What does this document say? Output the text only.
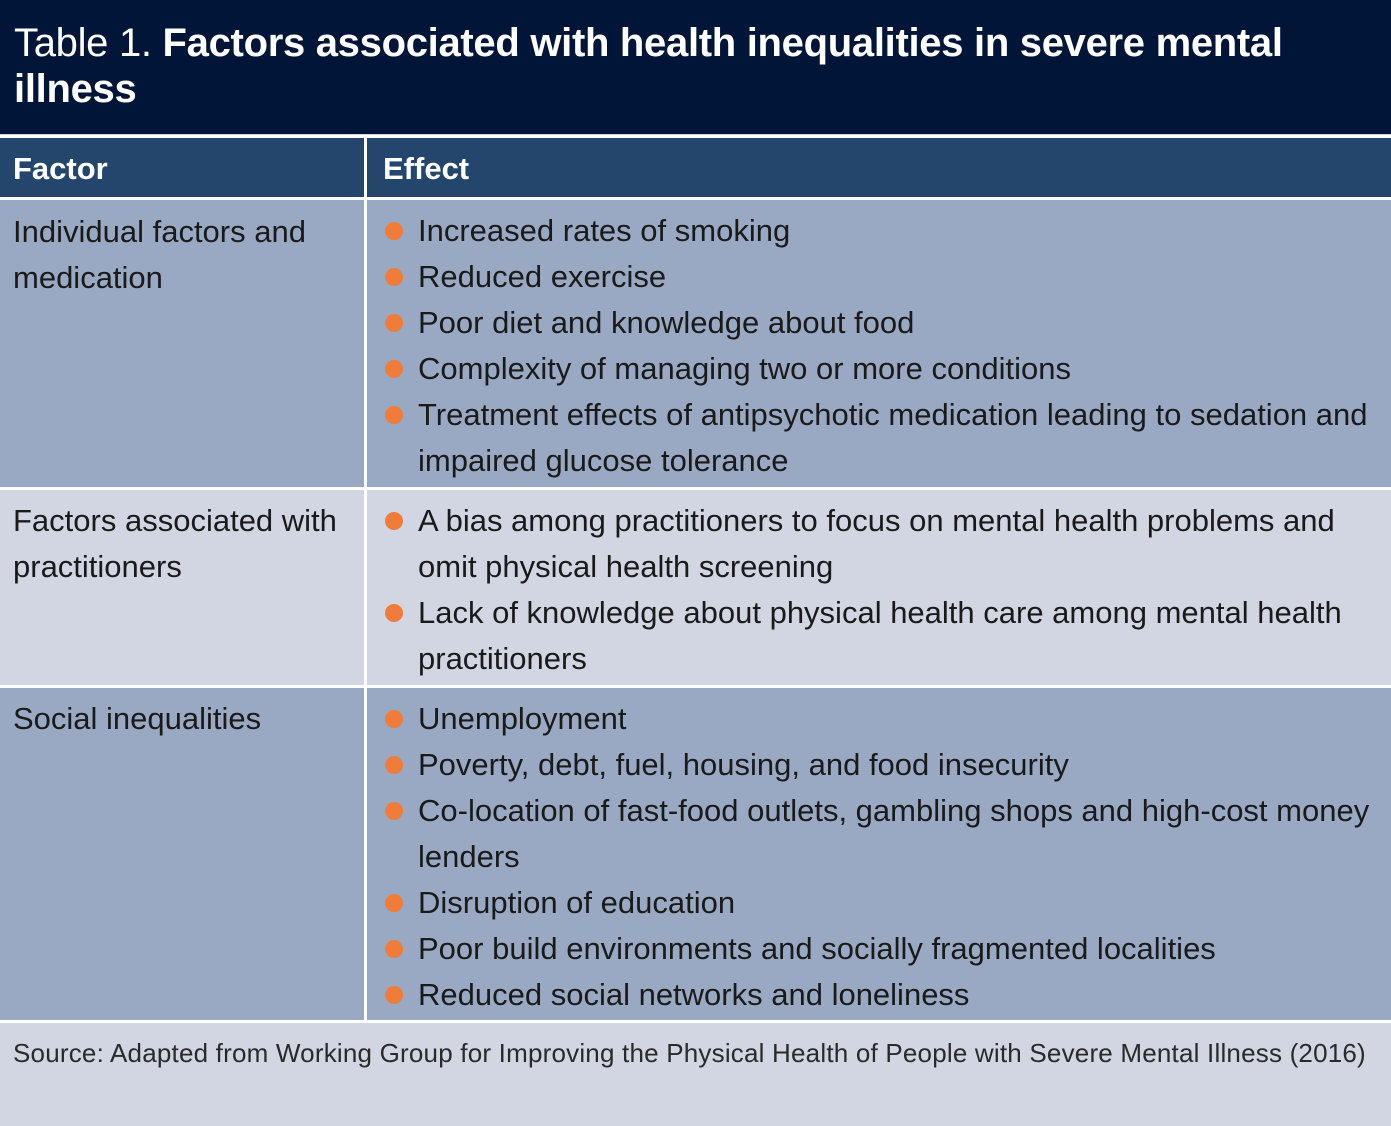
Table 1. Factors associated with health inequalities in severe mental illness
Factor	Effect
Individual factors and medication
Increased rates of smoking
Reduced exercise
Poor diet and knowledge about food
Complexity of managing two or more conditions
Treatment effects of antipsychotic medication leading to sedation and impaired glucose tolerance
Factors associated with practitioners
A bias among practitioners to focus on mental health problems and omit physical health screening
Lack of knowledge about physical health care among mental health practitioners
Social inequalities	Unemployment
Poverty, debt, fuel, housing, and food insecurity
Co-location of fast-food outlets, gambling shops and high-cost money lenders
Disruption of education
Poor build environments and socially fragmented localities
Reduced social networks and loneliness
Source: Adapted from Working Group for Improving the Physical Health of People with Severe Mental Illness (2016)
